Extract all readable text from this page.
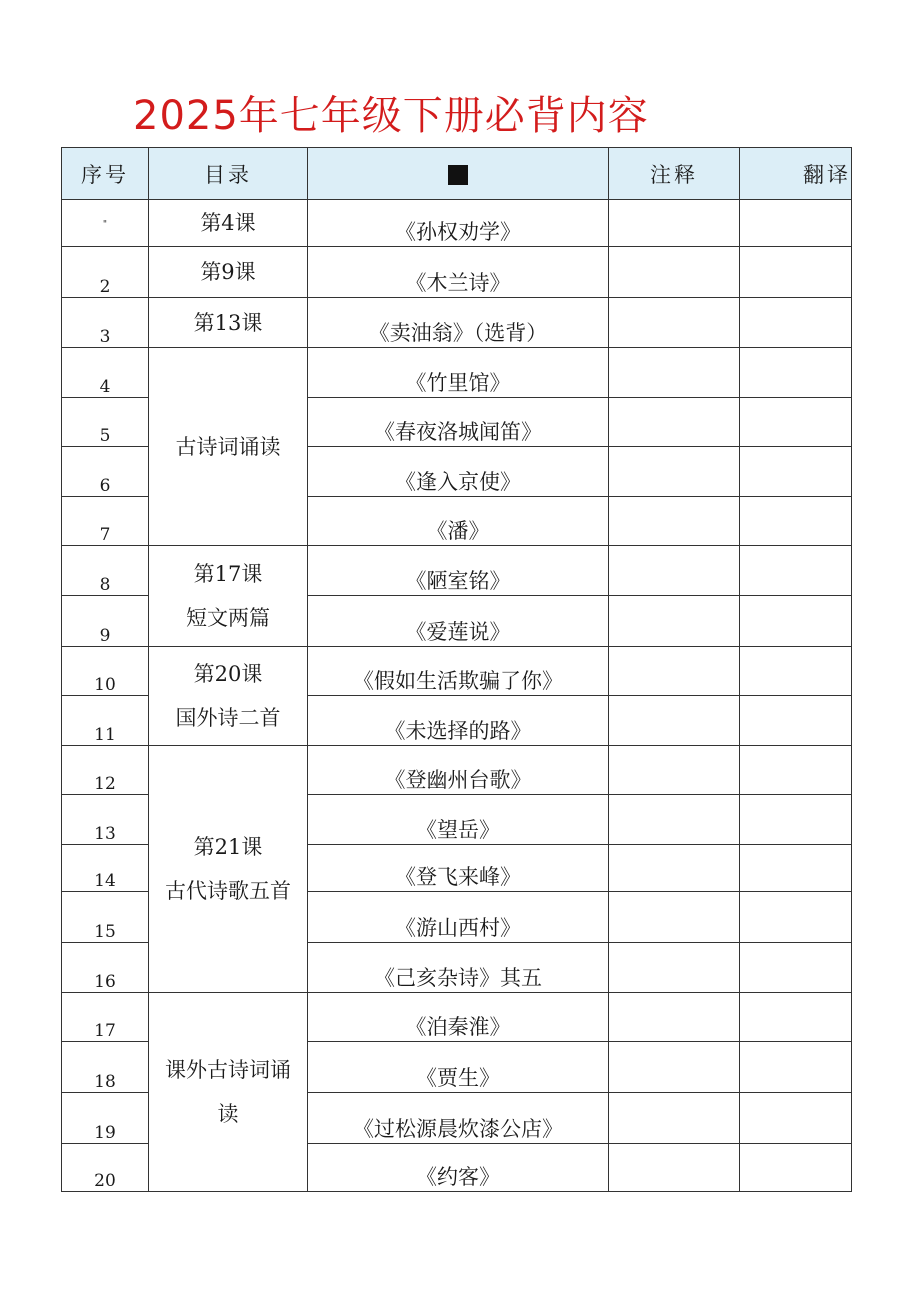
2025年七年级下册必背内容
序号	目录		注释	翻译

"	第4课	《孙权劝学》		
2	第9课	《木兰诗》		
3	第13课	《卖油翁》（选背）		
4	古诗词诵读	《竹里馆》		
5		《春夜洛城闻笛》		
6		《逢入京使》		
7		《潘》		
8	第17课
短文两篇	《陋室铭》		
9		《爱莲说》		
10	第20课
国外诗二首	《假如生活欺骗了你》		
11		《未选择的路》		
12	第21课
古代诗歌五首	《登幽州台歌》		
13		《望岳》		
14		《登飞来峰》		
15		《游山西村》		
16		《己亥杂诗》其五		
17	课外古诗词诵
读	《泊秦淮》		
18		《贾生》		
19		《过松源晨炊漆公店》		
20		《约客》		
